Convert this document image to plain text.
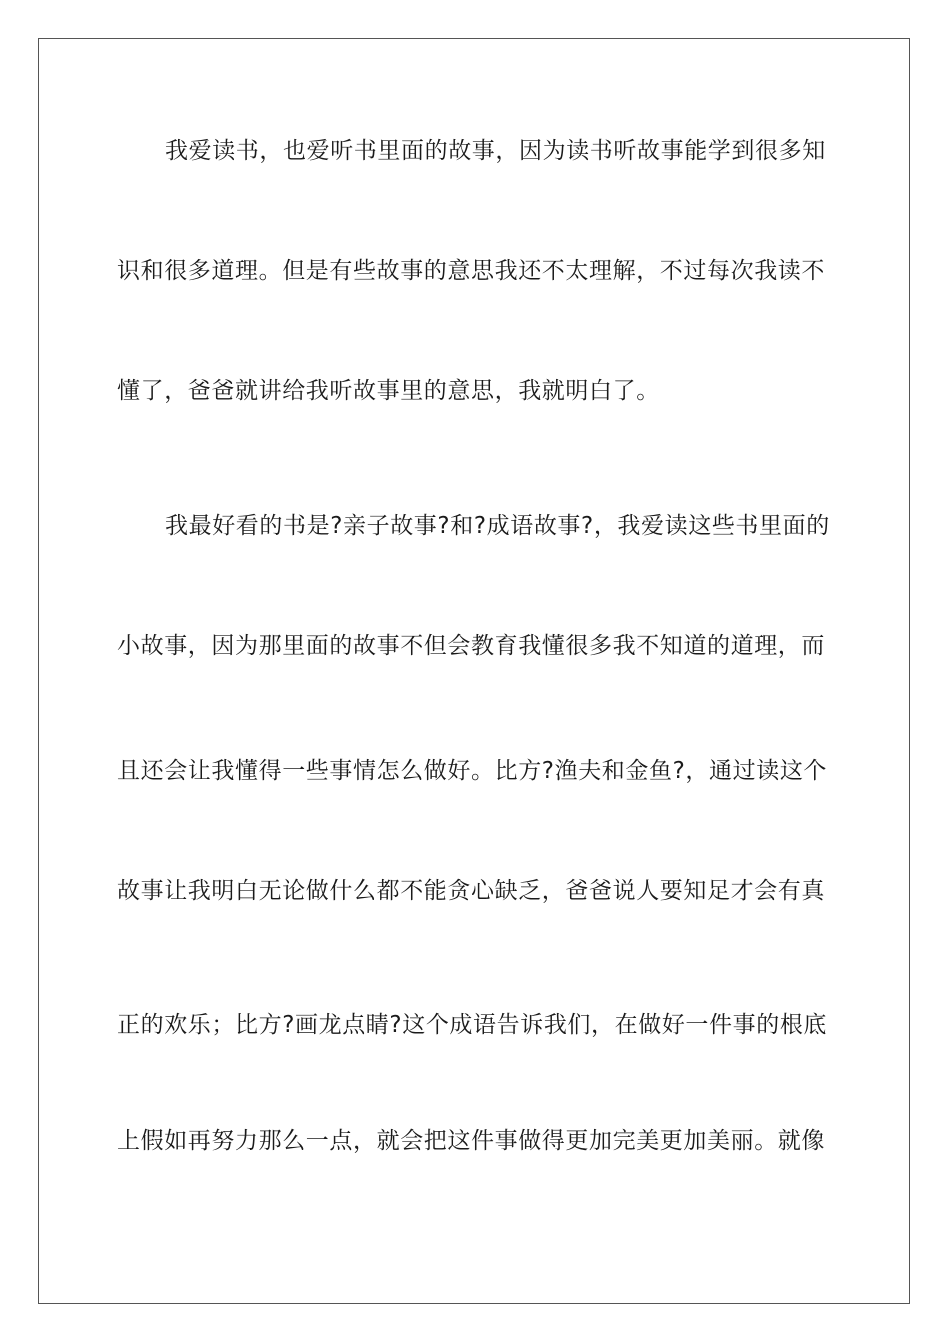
我爱读书，也爱听书里面的故事，因为读书听故事能学到很多知
识和很多道理。但是有些故事的意思我还不太理解，不过每次我读不
懂了，爸爸就讲给我听故事里的意思，我就明白了。
我最好看的书是?亲子故事?和?成语故事?，我爱读这些书里面的
小故事，因为那里面的故事不但会教育我懂很多我不知道的道理，而
且还会让我懂得一些事情怎么做好。比方?渔夫和金鱼?，通过读这个
故事让我明白无论做什么都不能贪心缺乏，爸爸说人要知足才会有真
正的欢乐；比方?画龙点睛?这个成语告诉我们，在做好一件事的根底
上假如再努力那么一点，就会把这件事做得更加完美更加美丽。就像
